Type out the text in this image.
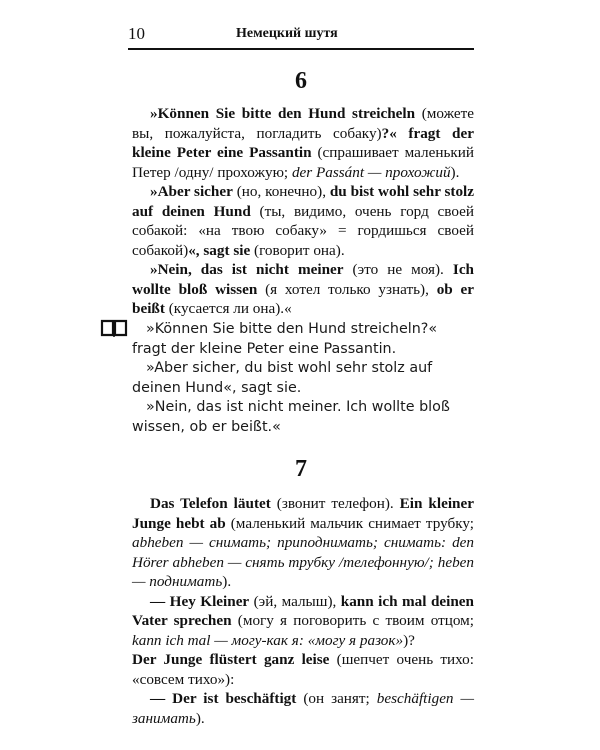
10	Немецкий шутя
6

»Können Sie bitte den Hund streicheln (можете вы, пожалуйста, погладить собаку)?« fragt der kleine Peter eine Passantin (спрашивает маленький Петер /одну/ прохожую; der Passánt — прохожий).

»Aber sicher (но, конечно), du bist wohl sehr stolz auf deinen Hund (ты, видимо, очень горд своей собакой: «на твою собаку» = гордишься своей собакой)«, sagt sie (говорит она).

»Nein, das ist nicht meiner (это не моя). Ich wollte bloß wissen (я хотел только узнать), ob er beißt (кусается ли она).«

»Können Sie bitte den Hund streicheln?« fragt der kleine Peter eine Passantin.

»Aber sicher, du bist wohl sehr stolz auf deinen Hund«, sagt sie.

»Nein, das ist nicht meiner. Ich wollte bloß wissen, ob er beißt.«

7

Das Telefon läutet (звонит телефон). Ein kleiner Junge hebt ab (маленький мальчик снимает трубку; abheben — снимать; приподнимать; снимать: den Hörer abheben — снять трубку /телефонную/; heben — поднимать).

— Hey Kleiner (эй, малыш), kann ich mal deinen Vater sprechen (могу я поговорить с твоим отцом; kann ich mal — могу-как я: «могу я разок»)?

Der Junge flüstert ganz leise (шепчет очень тихо: «совсем тихо»):

— Der ist beschäftigt (он занят; beschäftigen — занимать).
